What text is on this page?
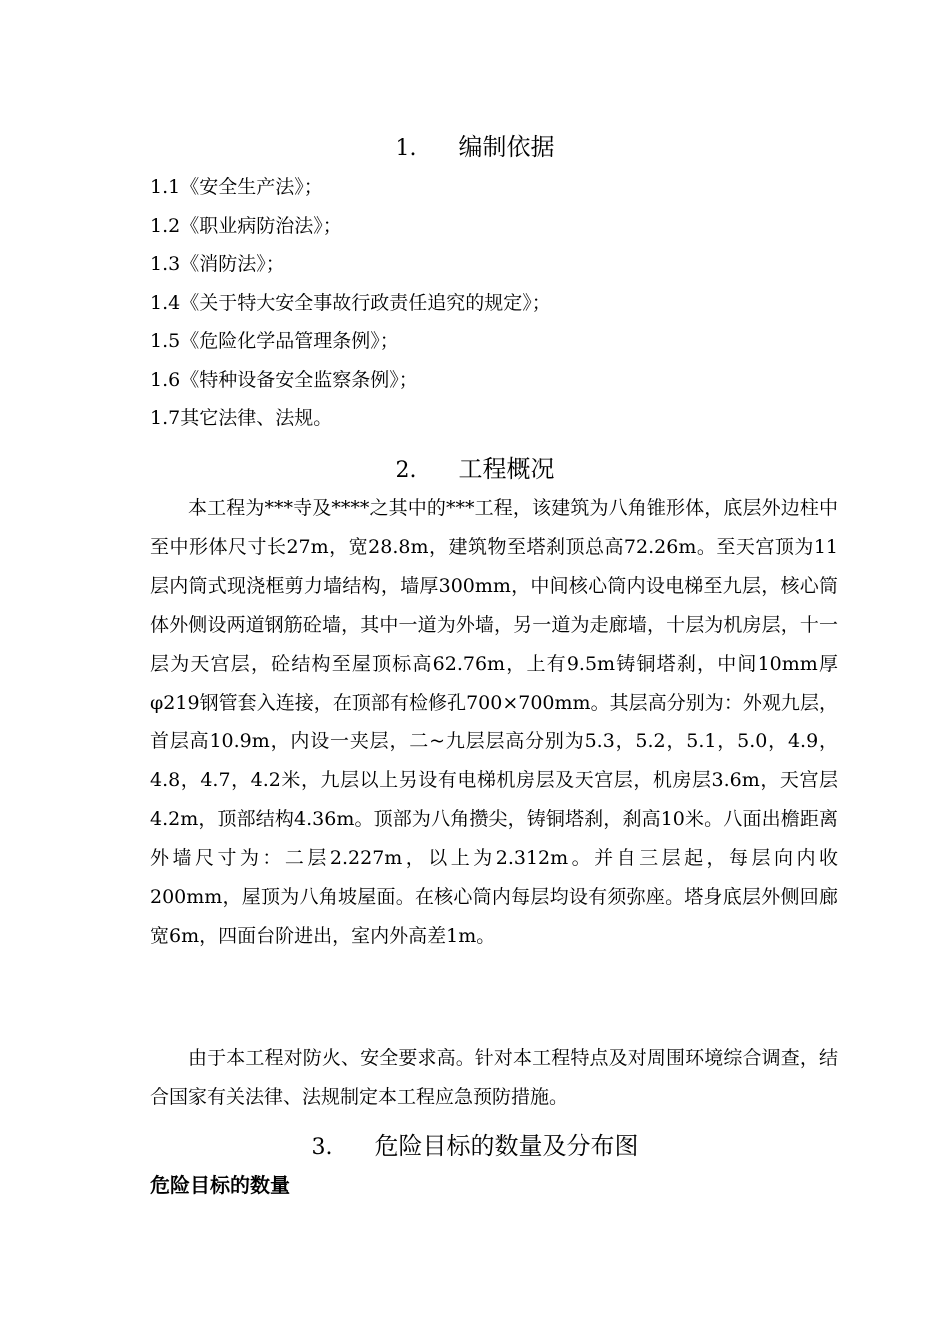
1. 编制依据
1.1《安全生产法》；
1.2《职业病防治法》；
1.3《消防法》；
1.4《关于特大安全事故行政责任追究的规定》；
1.5《危险化学品管理条例》；
1.6《特种设备安全监察条例》；
1.7其它法律、法规。
2. 工程概况
本工程为***寺及****之其中的***工程，该建筑为八角锥形体，底层外边柱中至中形体尺寸长27m，宽28.8m，建筑物至塔刹顶总高72.26m。至天宫顶为11层内筒式现浇框剪力墙结构，墙厚300mm，中间核心筒内设电梯至九层，核心筒体外侧设两道钢筋砼墙，其中一道为外墙，另一道为走廊墙，十层为机房层，十一层为天宫层，砼结构至屋顶标高62.76m，上有9.5m铸铜塔刹，中间10mm厚φ219钢管套入连接，在顶部有检修孔700×700mm。其层高分别为：外观九层，首层高10.9m，内设一夹层，二~九层层高分别为5.3，5.2，5.1，5.0，4.9，4.8，4.7，4.2米，九层以上另设有电梯机房层及天宫层，机房层3.6m，天宫层4.2m，顶部结构4.36m。顶部为八角攒尖，铸铜塔刹，刹高10米。八面出檐距离外墙尺寸为：二层2.227m，以上为2.312m。并自三层起，每层向内收200mm，屋顶为八角坡屋面。在核心筒内每层均设有须弥座。塔身底层外侧回廊宽6m，四面台阶进出，室内外高差1m。
由于本工程对防火、安全要求高。针对本工程特点及对周围环境综合调查，结合国家有关法律、法规制定本工程应急预防措施。
3. 危险目标的数量及分布图
危险目标的数量
